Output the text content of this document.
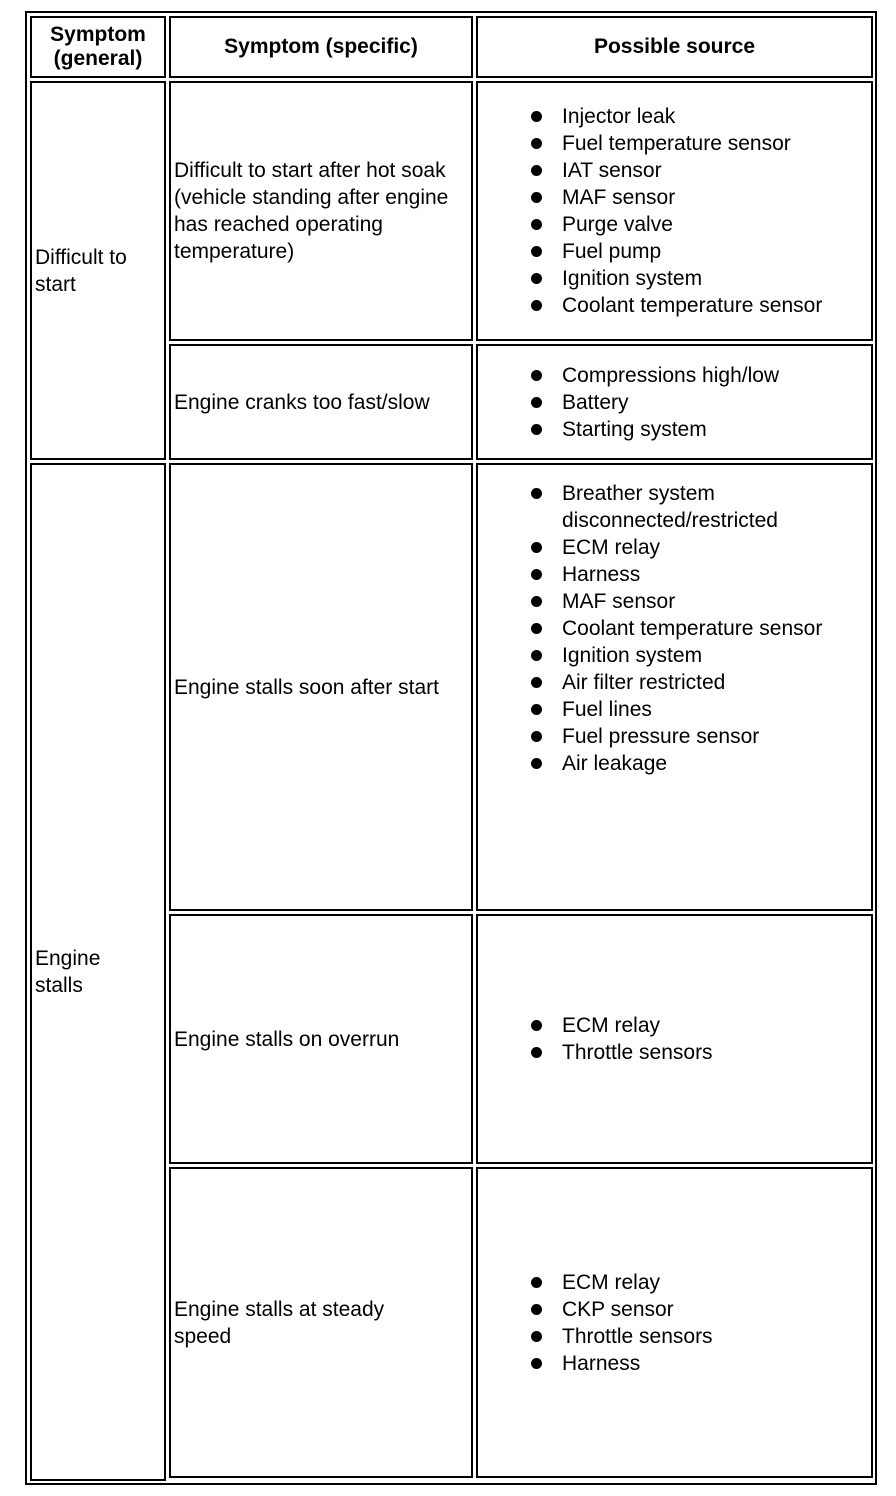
Symptom (general)
Symptom (specific)	Possible source
Difficult to start
Difficult to start after hot soak (vehicle standing after engine has reached operating temperature)
Injector leak
Fuel temperature sensor
IAT sensor
MAF sensor
Purge valve
Fuel pump
Ignition system
Coolant temperature sensor
Engine cranks too fast/slow
Compressions high/low
Battery
Starting system
Engine stalls
Engine stalls soon after start
Breather system disconnected/restricted
ECM relay
Harness
MAF sensor
Coolant temperature sensor
Ignition system
Air filter restricted
Fuel lines
Fuel pressure sensor
Air leakage
Engine stalls on overrun
ECM relay
Throttle sensors
Engine stalls at steady speed
ECM relay
CKP sensor
Throttle sensors
Harness
